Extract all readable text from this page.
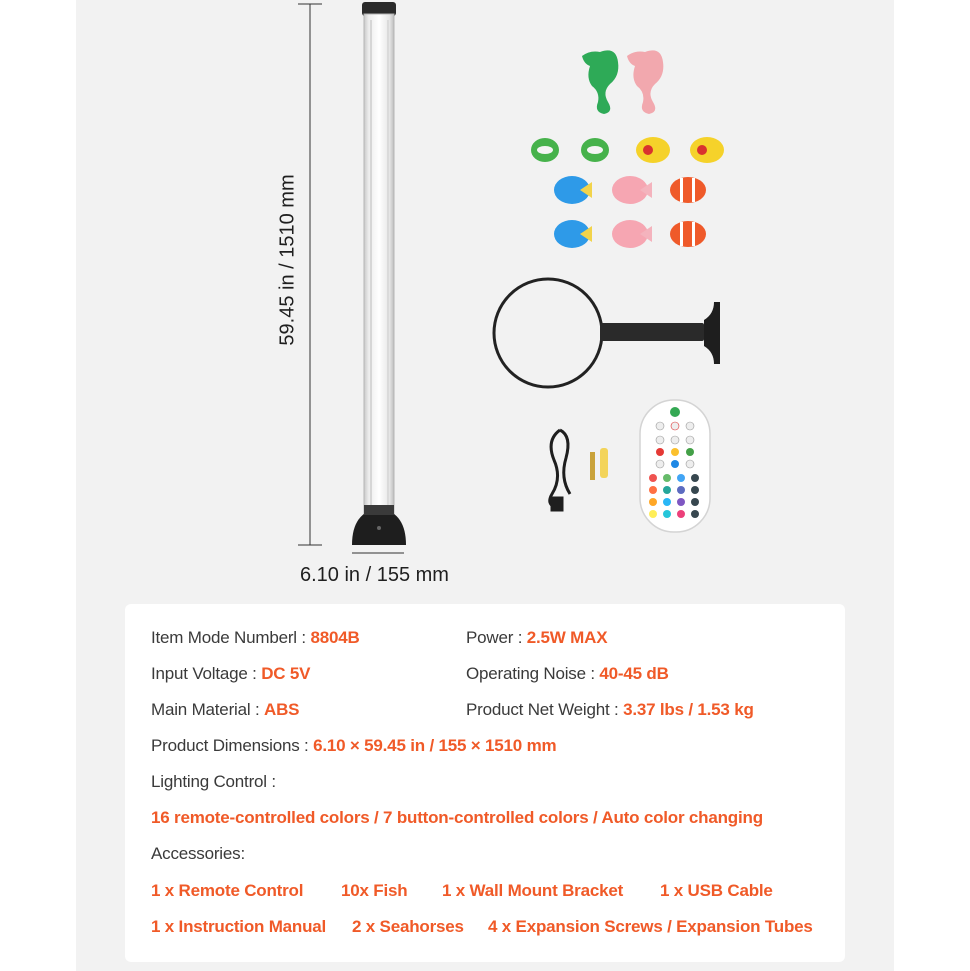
59.45 in / 1510 mm
6.10 in / 155 mm
Item Mode Numberl : 8804B	Power : 2.5W MAX
Input Voltage : DC 5V	Operating Noise : 40-45 dB
Main Material : ABS	Product Net Weight : 3.37 lbs / 1.53 kg
Product Dimensions : 6.10 × 59.45 in / 155 × 1510 mm
Lighting Control :
16 remote-controlled colors / 7 button-controlled colors / Auto color changing
Accessories:
1 x Remote Control 10x Fish 1 x Wall Mount Bracket 1 x USB Cable
1 x Instruction Manual 2 x Seahorses 4 x Expansion Screws / Expansion Tubes
